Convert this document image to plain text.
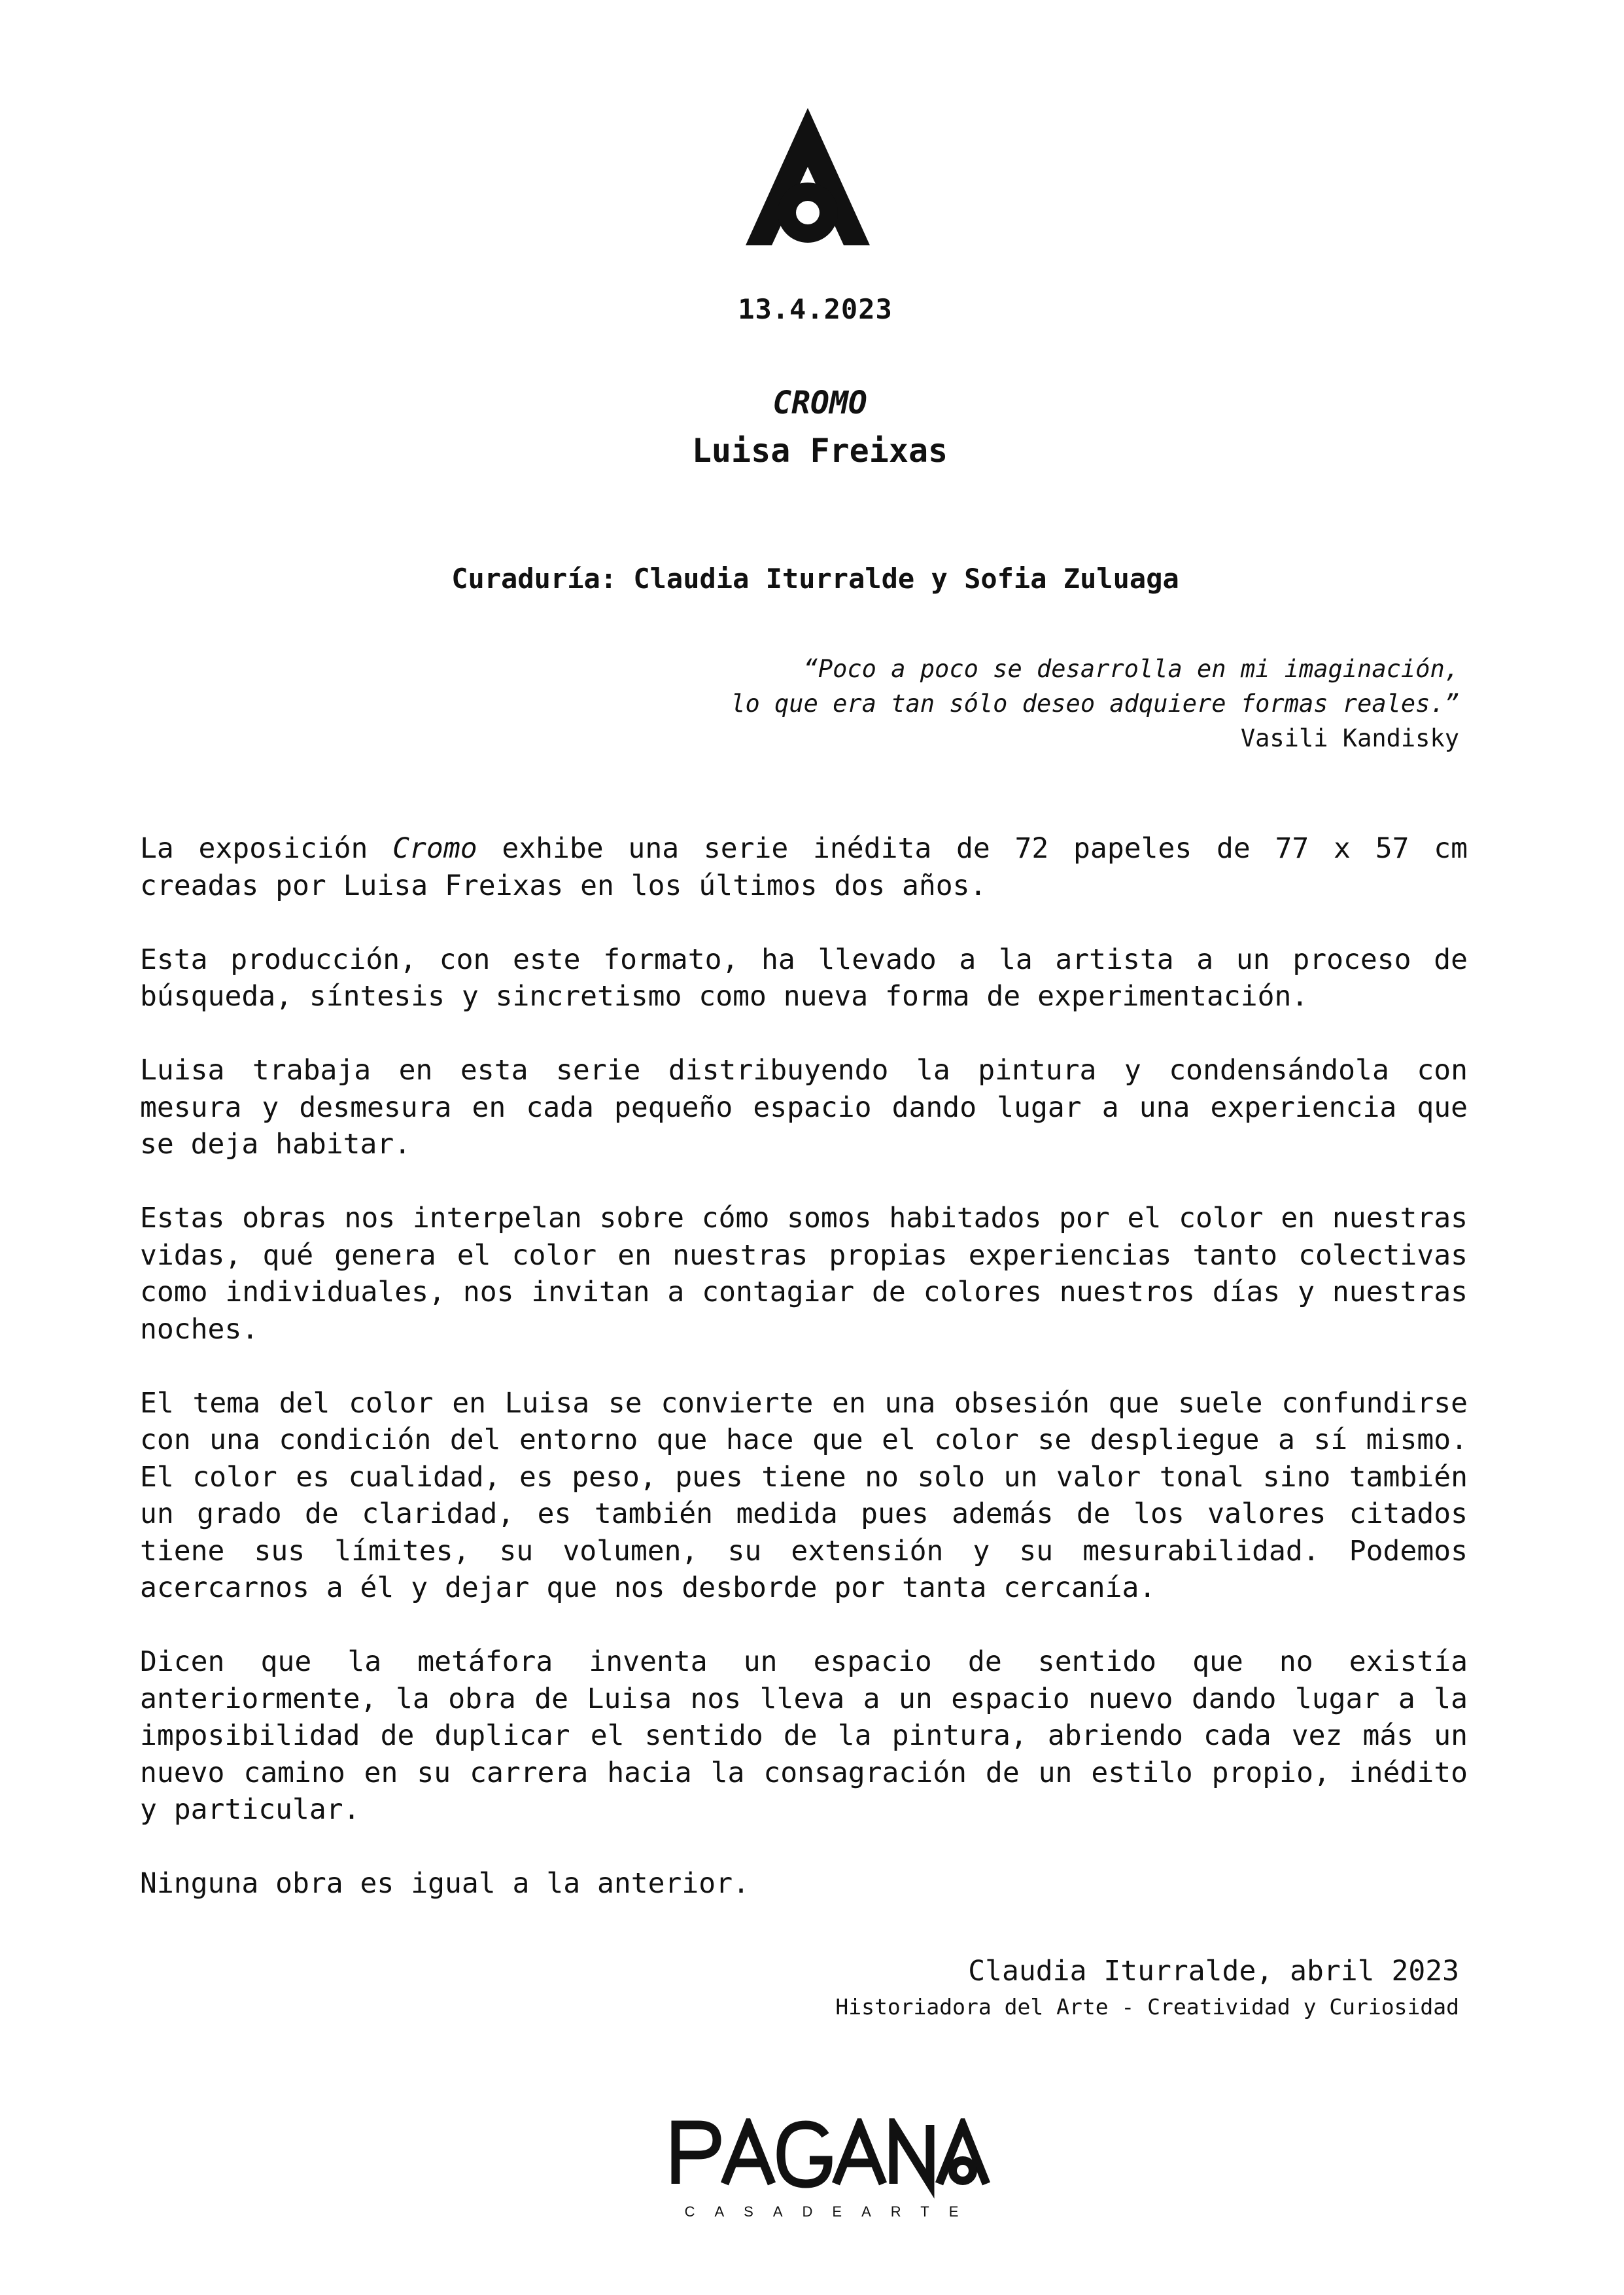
13.4.2023
CROMO
Luisa Freixas
Curaduría: Claudia Iturralde y Sofia Zuluaga
“Poco a poco se desarrolla en mi imaginación,
lo que era tan sólo deseo adquiere formas reales.”
Vasili Kandisky

La exposición Cromo exhibe una serie inédita de 72 papeles de 77 x 57 cm creadas por Luisa Freixas en los últimos dos años.

Esta producción, con este formato, ha llevado a la artista a un proceso de búsqueda, síntesis y sincretismo como nueva forma de experimentación.

Luisa trabaja en esta serie distribuyendo la pintura y condensándola con mesura y desmesura en cada pequeño espacio dando lugar a una experiencia que se deja habitar.

Estas obras nos interpelan sobre cómo somos habitados por el color en nuestras vidas, qué genera el color en nuestras propias experiencias tanto colectivas como individuales, nos invitan a contagiar de colores nuestros días y nuestras noches.

El tema del color en Luisa se convierte en una obsesión que suele confundirse con una condición del entorno que hace que el color se despliegue a sí mismo. El color es cualidad, es peso, pues tiene no solo un valor tonal sino también un grado de claridad, es también medida pues además de los valores citados tiene sus límites, su volumen, su extensión y su mesurabilidad. Podemos acercarnos a él y dejar que nos desborde por tanta cercanía.

Dicen que la metáfora inventa un espacio de sentido que no existía anteriormente, la obra de Luisa nos lleva a un espacio nuevo dando lugar a la imposibilidad de duplicar el sentido de la pintura, abriendo cada vez más un nuevo camino en su carrera hacia la consagración de un estilo propio, inédito y particular.

Ninguna obra es igual a la anterior.

Claudia Iturralde, abril 2023
Historiadora del Arte - Creatividad y Curiosidad
CASADEARTE
